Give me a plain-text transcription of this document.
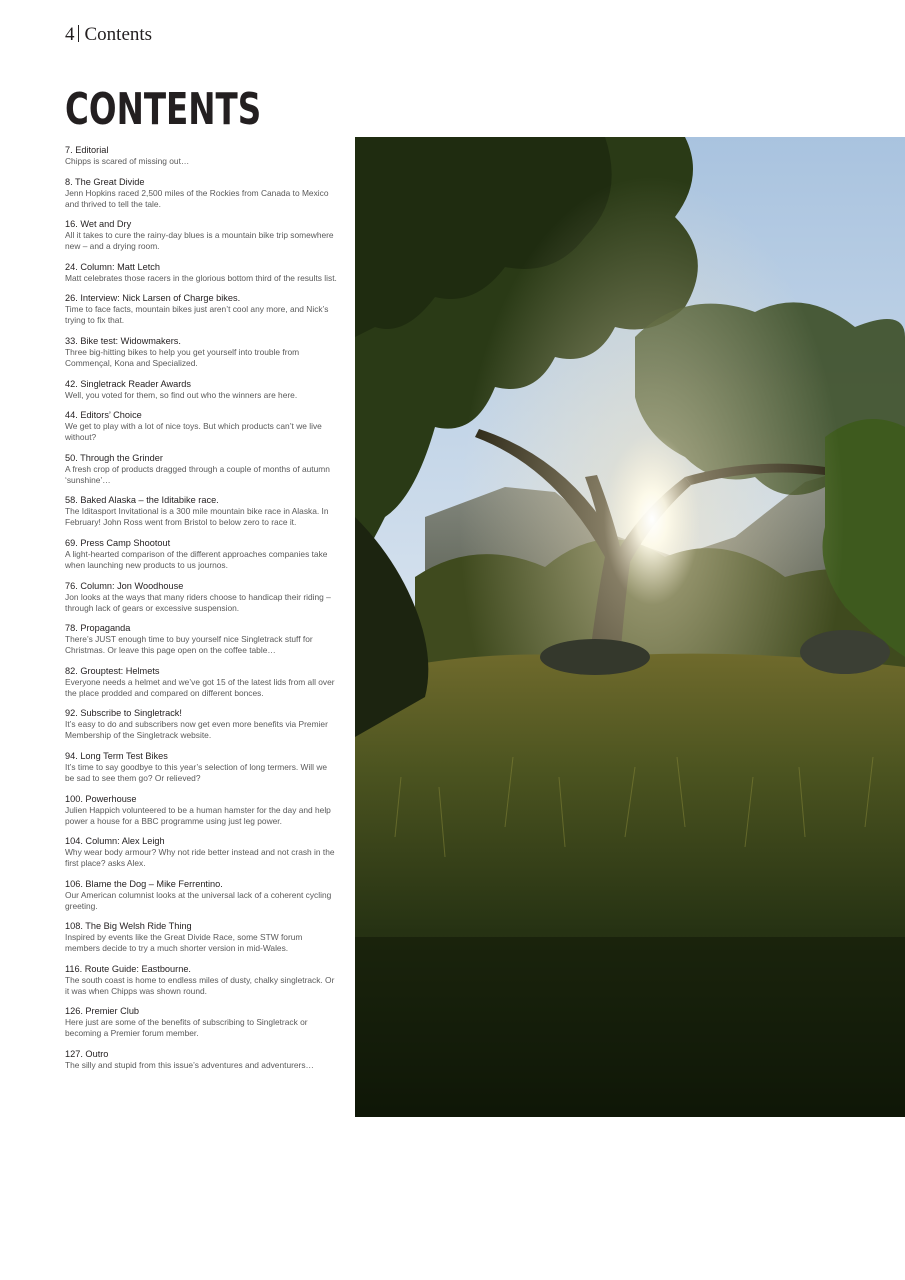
4 Contents
CONTENTS
7. Editorial
Chipps is scared of missing out…
8. The Great Divide
Jenn Hopkins raced 2,500 miles of the Rockies from Canada to Mexico and thrived to tell the tale.
16. Wet and Dry
All it takes to cure the rainy-day blues is a mountain bike trip somewhere new – and a drying room.
24. Column: Matt Letch
Matt celebrates those racers in the glorious bottom third of the results list.
26. Interview: Nick Larsen of Charge bikes.
Time to face facts, mountain bikes just aren’t cool any more, and Nick’s trying to fix that.
33. Bike test: Widowmakers.
Three big-hitting bikes to help you get yourself into trouble from Commençal, Kona and Specialized.
42. Singletrack Reader Awards
Well, you voted for them, so find out who the winners are here.
44. Editors’ Choice
We get to play with a lot of nice toys. But which products can’t we live without?
50. Through the Grinder
A fresh crop of products dragged through a couple of months of autumn ‘sunshine’…
58. Baked Alaska – the Iditabike race.
The Iditasport Invitational is a 300 mile mountain bike race in Alaska. In February! John Ross went from Bristol to below zero to race it.
69. Press Camp Shootout
A light-hearted comparison of the different approaches companies take when launching new products to us journos.
76. Column: Jon Woodhouse
Jon looks at the ways that many riders choose to handicap their riding – through lack of gears or excessive suspension.
78. Propaganda
There’s JUST enough time to buy yourself nice Singletrack stuff for Christmas. Or leave this page open on the coffee table…
82. Grouptest: Helmets
Everyone needs a helmet and we’ve got 15 of the latest lids from all over the place prodded and compared on different bonces.
92. Subscribe to Singletrack!
It’s easy to do and subscribers now get even more benefits via Premier Membership of the Singletrack website.
94. Long Term Test Bikes
It’s time to say goodbye to this year’s selection of long termers. Will we be sad to see them go? Or relieved?
100. Powerhouse
Julien Happich volunteered to be a human hamster for the day and help power a house for a BBC programme using just leg power.
104. Column: Alex Leigh
Why wear body armour? Why not ride better instead and not crash in the first place? asks Alex.
106. Blame the Dog – Mike Ferrentino.
Our American columnist looks at the universal lack of a coherent cycling greeting.
108. The Big Welsh Ride Thing
Inspired by events like the Great Divide Race, some STW forum members decide to try a much shorter version in mid-Wales.
116. Route Guide: Eastbourne.
The south coast is home to endless miles of dusty, chalky singletrack. Or it was when Chipps was shown round.
126. Premier Club
Here just are some of the benefits of subscribing to Singletrack or becoming a Premier forum member.
127. Outro
The silly and stupid from this issue’s adventures and adventurers…
